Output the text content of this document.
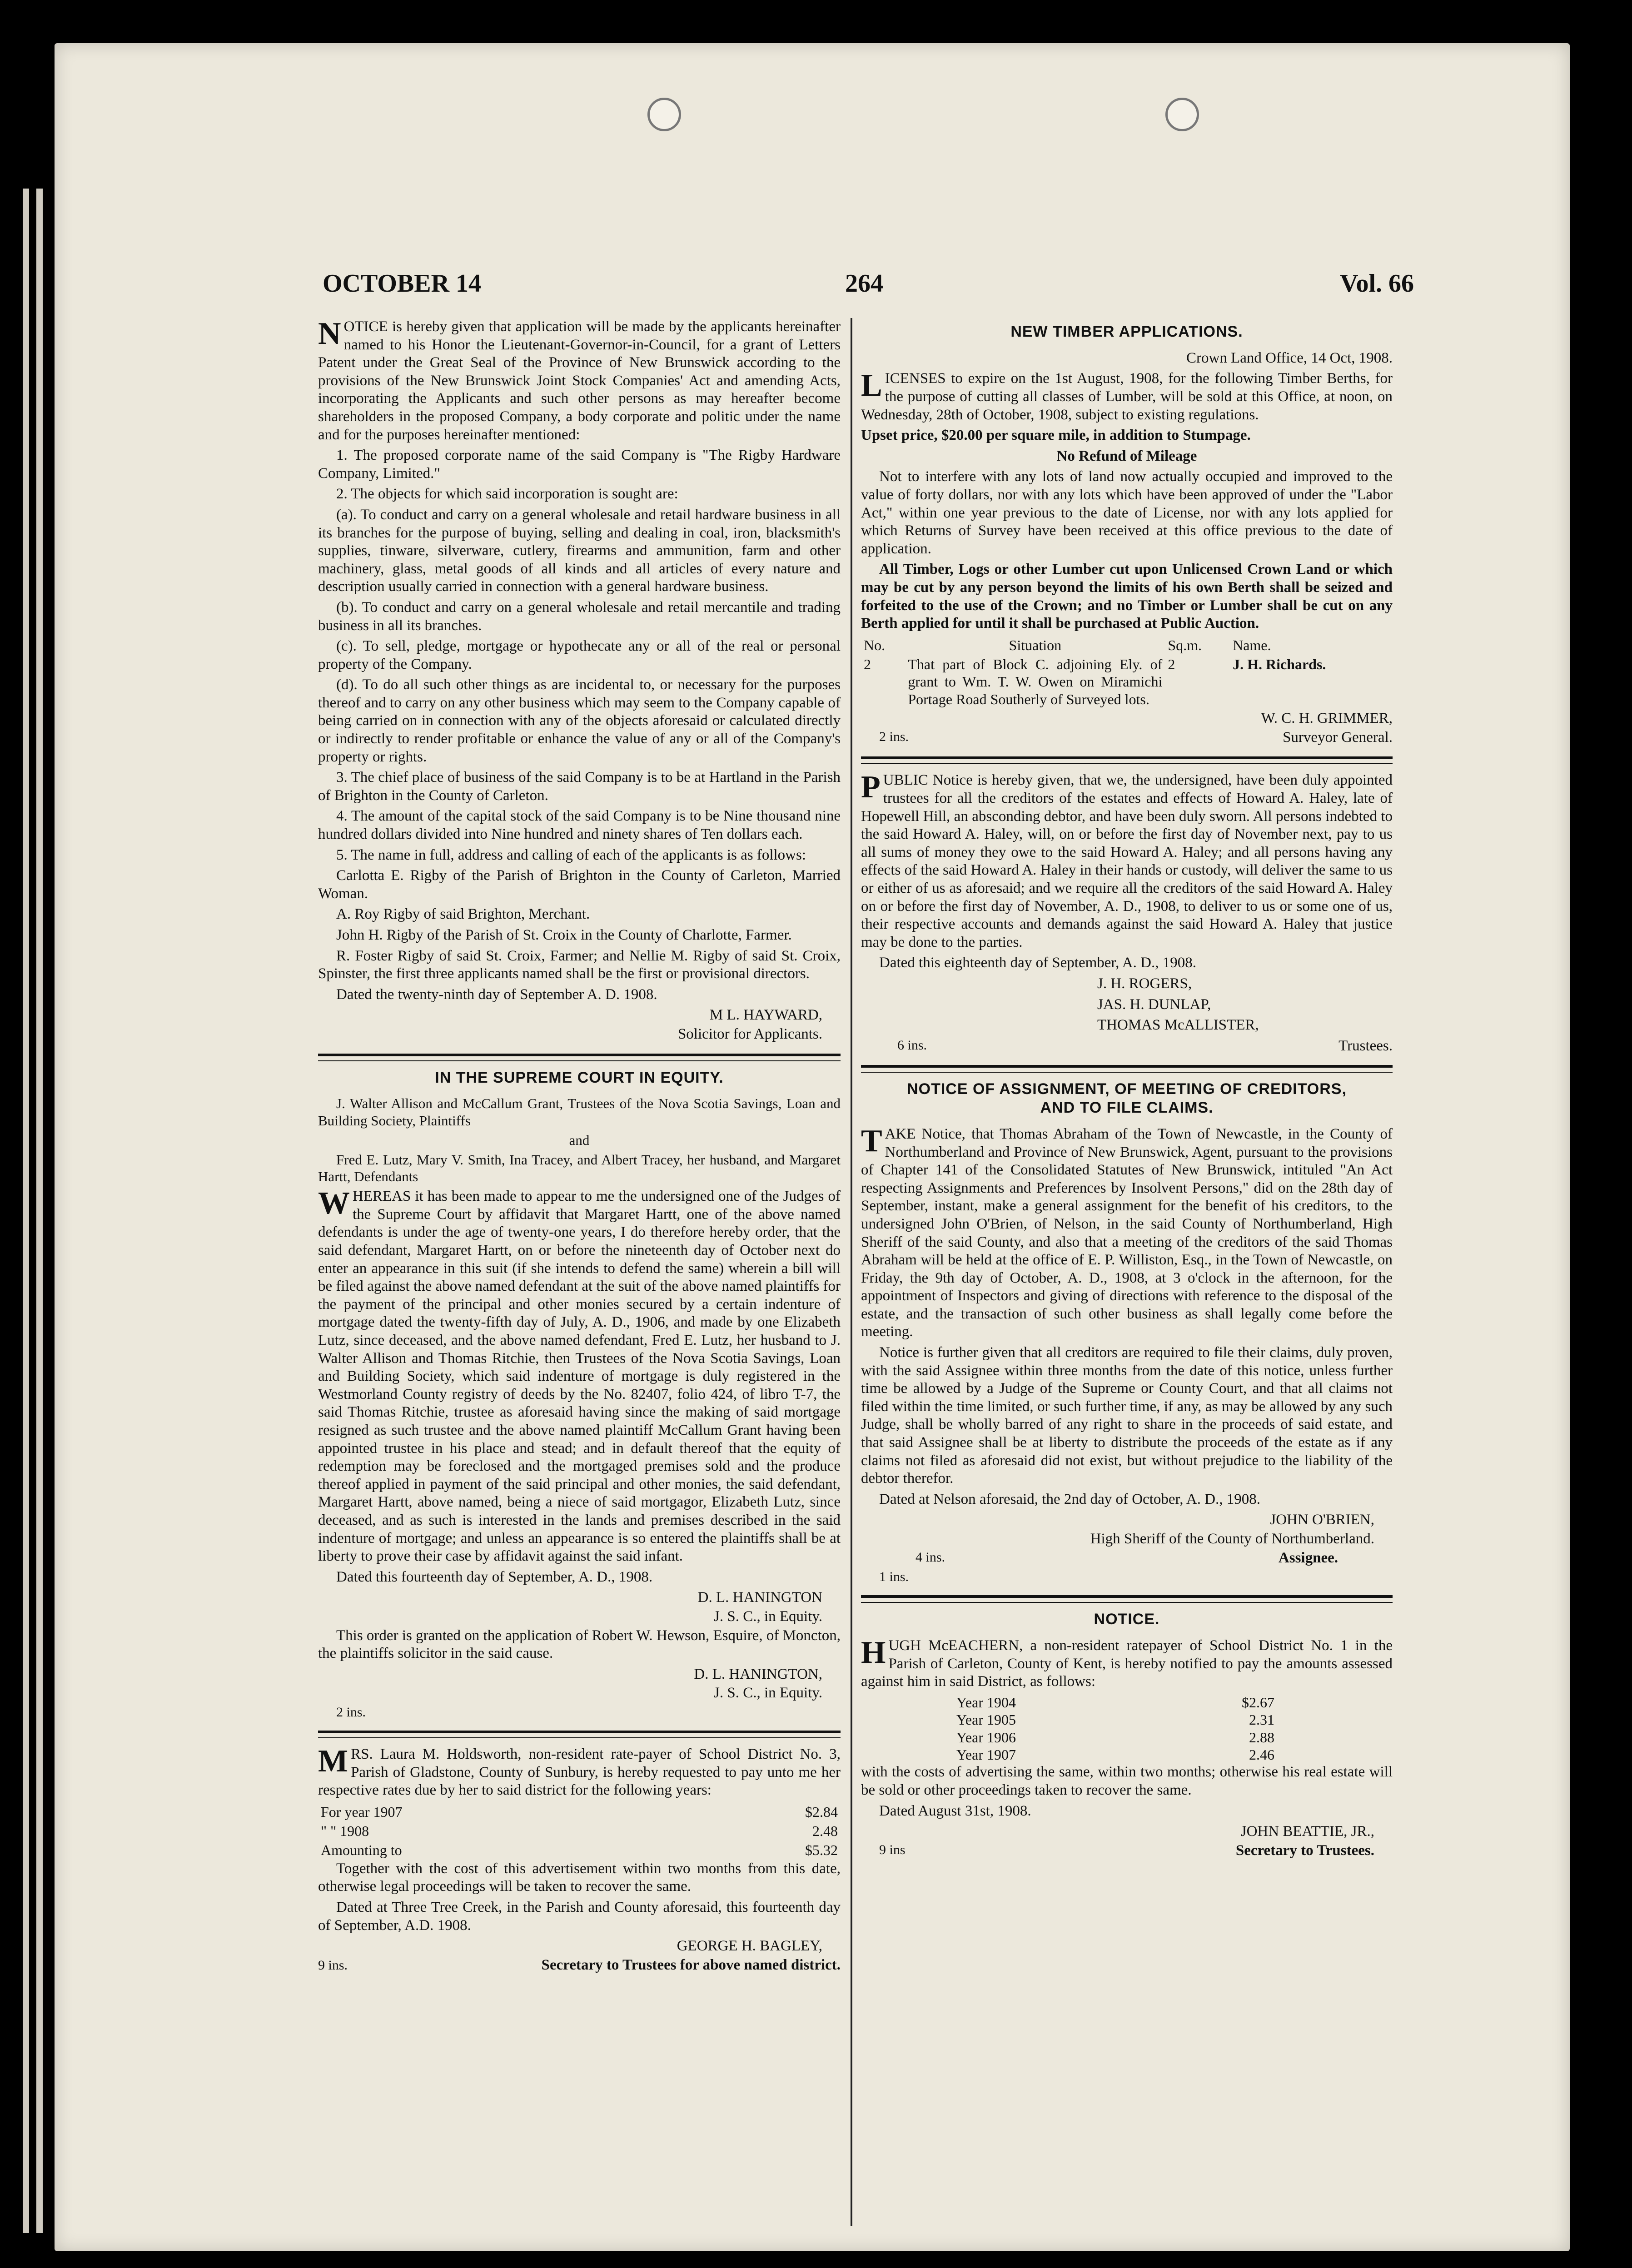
OCTOBER 14	264	Vol. 66

NOTICE is hereby given that application will be made by the applicants hereinafter named to his Honor the Lieutenant-Governor-in-Council, for a grant of Letters Patent under the Great Seal of the Province of New Brunswick according to the provisions of the New Brunswick Joint Stock Companies' Act and amending Acts, incorporating the Applicants and such other persons as may hereafter become shareholders in the proposed Company, a body corporate and politic under the name and for the purposes hereinafter mentioned:

1. The proposed corporate name of the said Company is "The Rigby Hardware Company, Limited."

2. The objects for which said incorporation is sought are:

(a). To conduct and carry on a general wholesale and retail hardware business in all its branches for the purpose of buying, selling and dealing in coal, iron, blacksmith's supplies, tinware, silverware, cutlery, firearms and ammunition, farm and other machinery, glass, metal goods of all kinds and all articles of every nature and description usually carried in connection with a general hardware business.

(b). To conduct and carry on a general wholesale and retail mercantile and trading business in all its branches.

(c). To sell, pledge, mortgage or hypothecate any or all of the real or personal property of the Company.

(d). To do all such other things as are incidental to, or necessary for the purposes thereof and to carry on any other business which may seem to the Company capable of being carried on in connection with any of the objects aforesaid or calculated directly or indirectly to render profitable or enhance the value of any or all of the Company's property or rights.

3. The chief place of business of the said Company is to be at Hartland in the Parish of Brighton in the County of Carleton.

4. The amount of the capital stock of the said Company is to be Nine thousand nine hundred dollars divided into Nine hundred and ninety shares of Ten dollars each.

5. The name in full, address and calling of each of the applicants is as follows:

Carlotta E. Rigby of the Parish of Brighton in the County of Carleton, Married Woman.

A. Roy Rigby of said Brighton, Merchant.

John H. Rigby of the Parish of St. Croix in the County of Charlotte, Farmer.

R. Foster Rigby of said St. Croix, Farmer; and Nellie M. Rigby of said St. Croix, Spinster, the first three applicants named shall be the first or provisional directors.

Dated the twenty-ninth day of September A. D. 1908.

M L. HAYWARD,

Solicitor for Applicants.

IN THE SUPREME COURT IN EQUITY.

J. Walter Allison and McCallum Grant, Trustees of the Nova Scotia Savings, Loan and Building Society, Plaintiffs

and

Fred E. Lutz, Mary V. Smith, Ina Tracey, and Albert Tracey, her husband, and Margaret Hartt, Defendants

WHEREAS it has been made to appear to me the undersigned one of the Judges of the Supreme Court by affidavit that Margaret Hartt, one of the above named defendants is under the age of twenty-one years, I do therefore hereby order, that the said defendant, Margaret Hartt, on or before the nineteenth day of October next do enter an appearance in this suit (if she intends to defend the same) wherein a bill will be filed against the above named defendant at the suit of the above named plaintiffs for the payment of the principal and other monies secured by a certain indenture of mortgage dated the twenty-fifth day of July, A. D., 1906, and made by one Elizabeth Lutz, since deceased, and the above named defendant, Fred E. Lutz, her husband to J. Walter Allison and Thomas Ritchie, then Trustees of the Nova Scotia Savings, Loan and Building Society, which said indenture of mortgage is duly registered in the Westmorland County registry of deeds by the No. 82407, folio 424, of libro T-7, the said Thomas Ritchie, trustee as aforesaid having since the making of said mortgage resigned as such trustee and the above named plaintiff McCallum Grant having been appointed trustee in his place and stead; and in default thereof that the equity of redemption may be foreclosed and the mortgaged premises sold and the produce thereof applied in payment of the said principal and other monies, the said defendant, Margaret Hartt, above named, being a niece of said mortgagor, Elizabeth Lutz, since deceased, and as such is interested in the lands and premises described in the said indenture of mortgage; and unless an appearance is so entered the plaintiffs shall be at liberty to prove their case by affidavit against the said infant.

Dated this fourteenth day of September, A. D., 1908.

D. L. HANINGTON

J. S. C., in Equity.

This order is granted on the application of Robert W. Hewson, Esquire, of Moncton, the plaintiffs solicitor in the said cause.

D. L. HANINGTON,

J. S. C., in Equity.

2 ins.

MRS. Laura M. Holdsworth, non-resident rate-payer of School District No. 3, Parish of Gladstone, County of Sunbury, is hereby requested to pay unto me her respective rates due by her to said district for the following years:

For year 1907	$2.84
" " 1908	2.48
Amounting to	$5.32

Together with the cost of this advertisement within two months from this date, otherwise legal proceedings will be taken to recover the same.

Dated at Three Tree Creek, in the Parish and County aforesaid, this fourteenth day of September, A.D. 1908.

GEORGE H. BAGLEY,

9 ins.	Secretary to Trustees for above named district.
NEW TIMBER APPLICATIONS.

Crown Land Office, 14 Oct, 1908.

LICENSES to expire on the 1st August, 1908, for the following Timber Berths, for the purpose of cutting all classes of Lumber, will be sold at this Office, at noon, on Wednesday, 28th of October, 1908, subject to existing regulations.

Upset price, $20.00 per square mile, in addition to Stumpage.

No Refund of Mileage

Not to interfere with any lots of land now actually occupied and improved to the value of forty dollars, nor with any lots which have been approved of under the "Labor Act," within one year previous to the date of License, nor with any lots applied for which Returns of Survey have been received at this office previous to the date of application.

All Timber, Logs or other Lumber cut upon Unlicensed Crown Land or which may be cut by any person beyond the limits of his own Berth shall be seized and forfeited to the use of the Crown; and no Timber or Lumber shall be cut on any Berth applied for until it shall be purchased at Public Auction.

No.	Situation	Sq.m.	Name.
2	That part of Block C. adjoining Ely. of grant to Wm. T. W. Owen on Miramichi Portage Road Southerly of Surveyed lots.	2	J. H. Richards.

W. C. H. GRIMMER,

2 ins.	Surveyor General.

PUBLIC Notice is hereby given, that we, the undersigned, have been duly appointed trustees for all the creditors of the estates and effects of Howard A. Haley, late of Hopewell Hill, an absconding debtor, and have been duly sworn. All persons indebted to the said Howard A. Haley, will, on or before the first day of November next, pay to us all sums of money they owe to the said Howard A. Haley; and all persons having any effects of the said Howard A. Haley in their hands or custody, will deliver the same to us or either of us as aforesaid; and we require all the creditors of the said Howard A. Haley on or before the first day of November, A. D., 1908, to deliver to us or some one of us, their respective accounts and demands against the said Howard A. Haley that justice may be done to the parties.

Dated this eighteenth day of September, A. D., 1908.

J. H. ROGERS,

JAS. H. DUNLAP,

THOMAS McALLISTER,

6 ins.	Trustees.
NOTICE OF ASSIGNMENT, OF MEETING OF CREDITORS,
AND TO FILE CLAIMS.

TAKE Notice, that Thomas Abraham of the Town of Newcastle, in the County of Northumberland and Province of New Brunswick, Agent, pursuant to the provisions of Chapter 141 of the Consolidated Statutes of New Brunswick, intituled "An Act respecting Assignments and Preferences by Insolvent Persons," did on the 28th day of September, instant, make a general assignment for the benefit of his creditors, to the undersigned John O'Brien, of Nelson, in the said County of Northumberland, High Sheriff of the said County, and also that a meeting of the creditors of the said Thomas Abraham will be held at the office of E. P. Williston, Esq., in the Town of Newcastle, on Friday, the 9th day of October, A. D., 1908, at 3 o'clock in the afternoon, for the appointment of Inspectors and giving of directions with reference to the disposal of the estate, and the transaction of such other business as shall legally come before the meeting.

Notice is further given that all creditors are required to file their claims, duly proven, with the said Assignee within three months from the date of this notice, unless further time be allowed by a Judge of the Supreme or County Court, and that all claims not filed within the time limited, or such further time, if any, as may be allowed by any such Judge, shall be wholly barred of any right to share in the proceeds of said estate, and that said Assignee shall be at liberty to distribute the proceeds of the estate as if any claims not filed as aforesaid did not exist, but without prejudice to the liability of the debtor therefor.

Dated at Nelson aforesaid, the 2nd day of October, A. D., 1908.

JOHN O'BRIEN,

High Sheriff of the County of Northumberland.

4 ins.	Assignee.

1 ins.

NOTICE.

HUGH McEACHERN, a non-resident ratepayer of School District No. 1 in the Parish of Carleton, County of Kent, is hereby notified to pay the amounts assessed against him in said District, as follows:

Year 1904	$2.67
Year 1905	2.31
Year 1906	2.88
Year 1907	2.46

with the costs of advertising the same, within two months; otherwise his real estate will be sold or other proceedings taken to recover the same.

Dated August 31st, 1908.

JOHN BEATTIE, JR.,

9 ins	Secretary to Trustees.
